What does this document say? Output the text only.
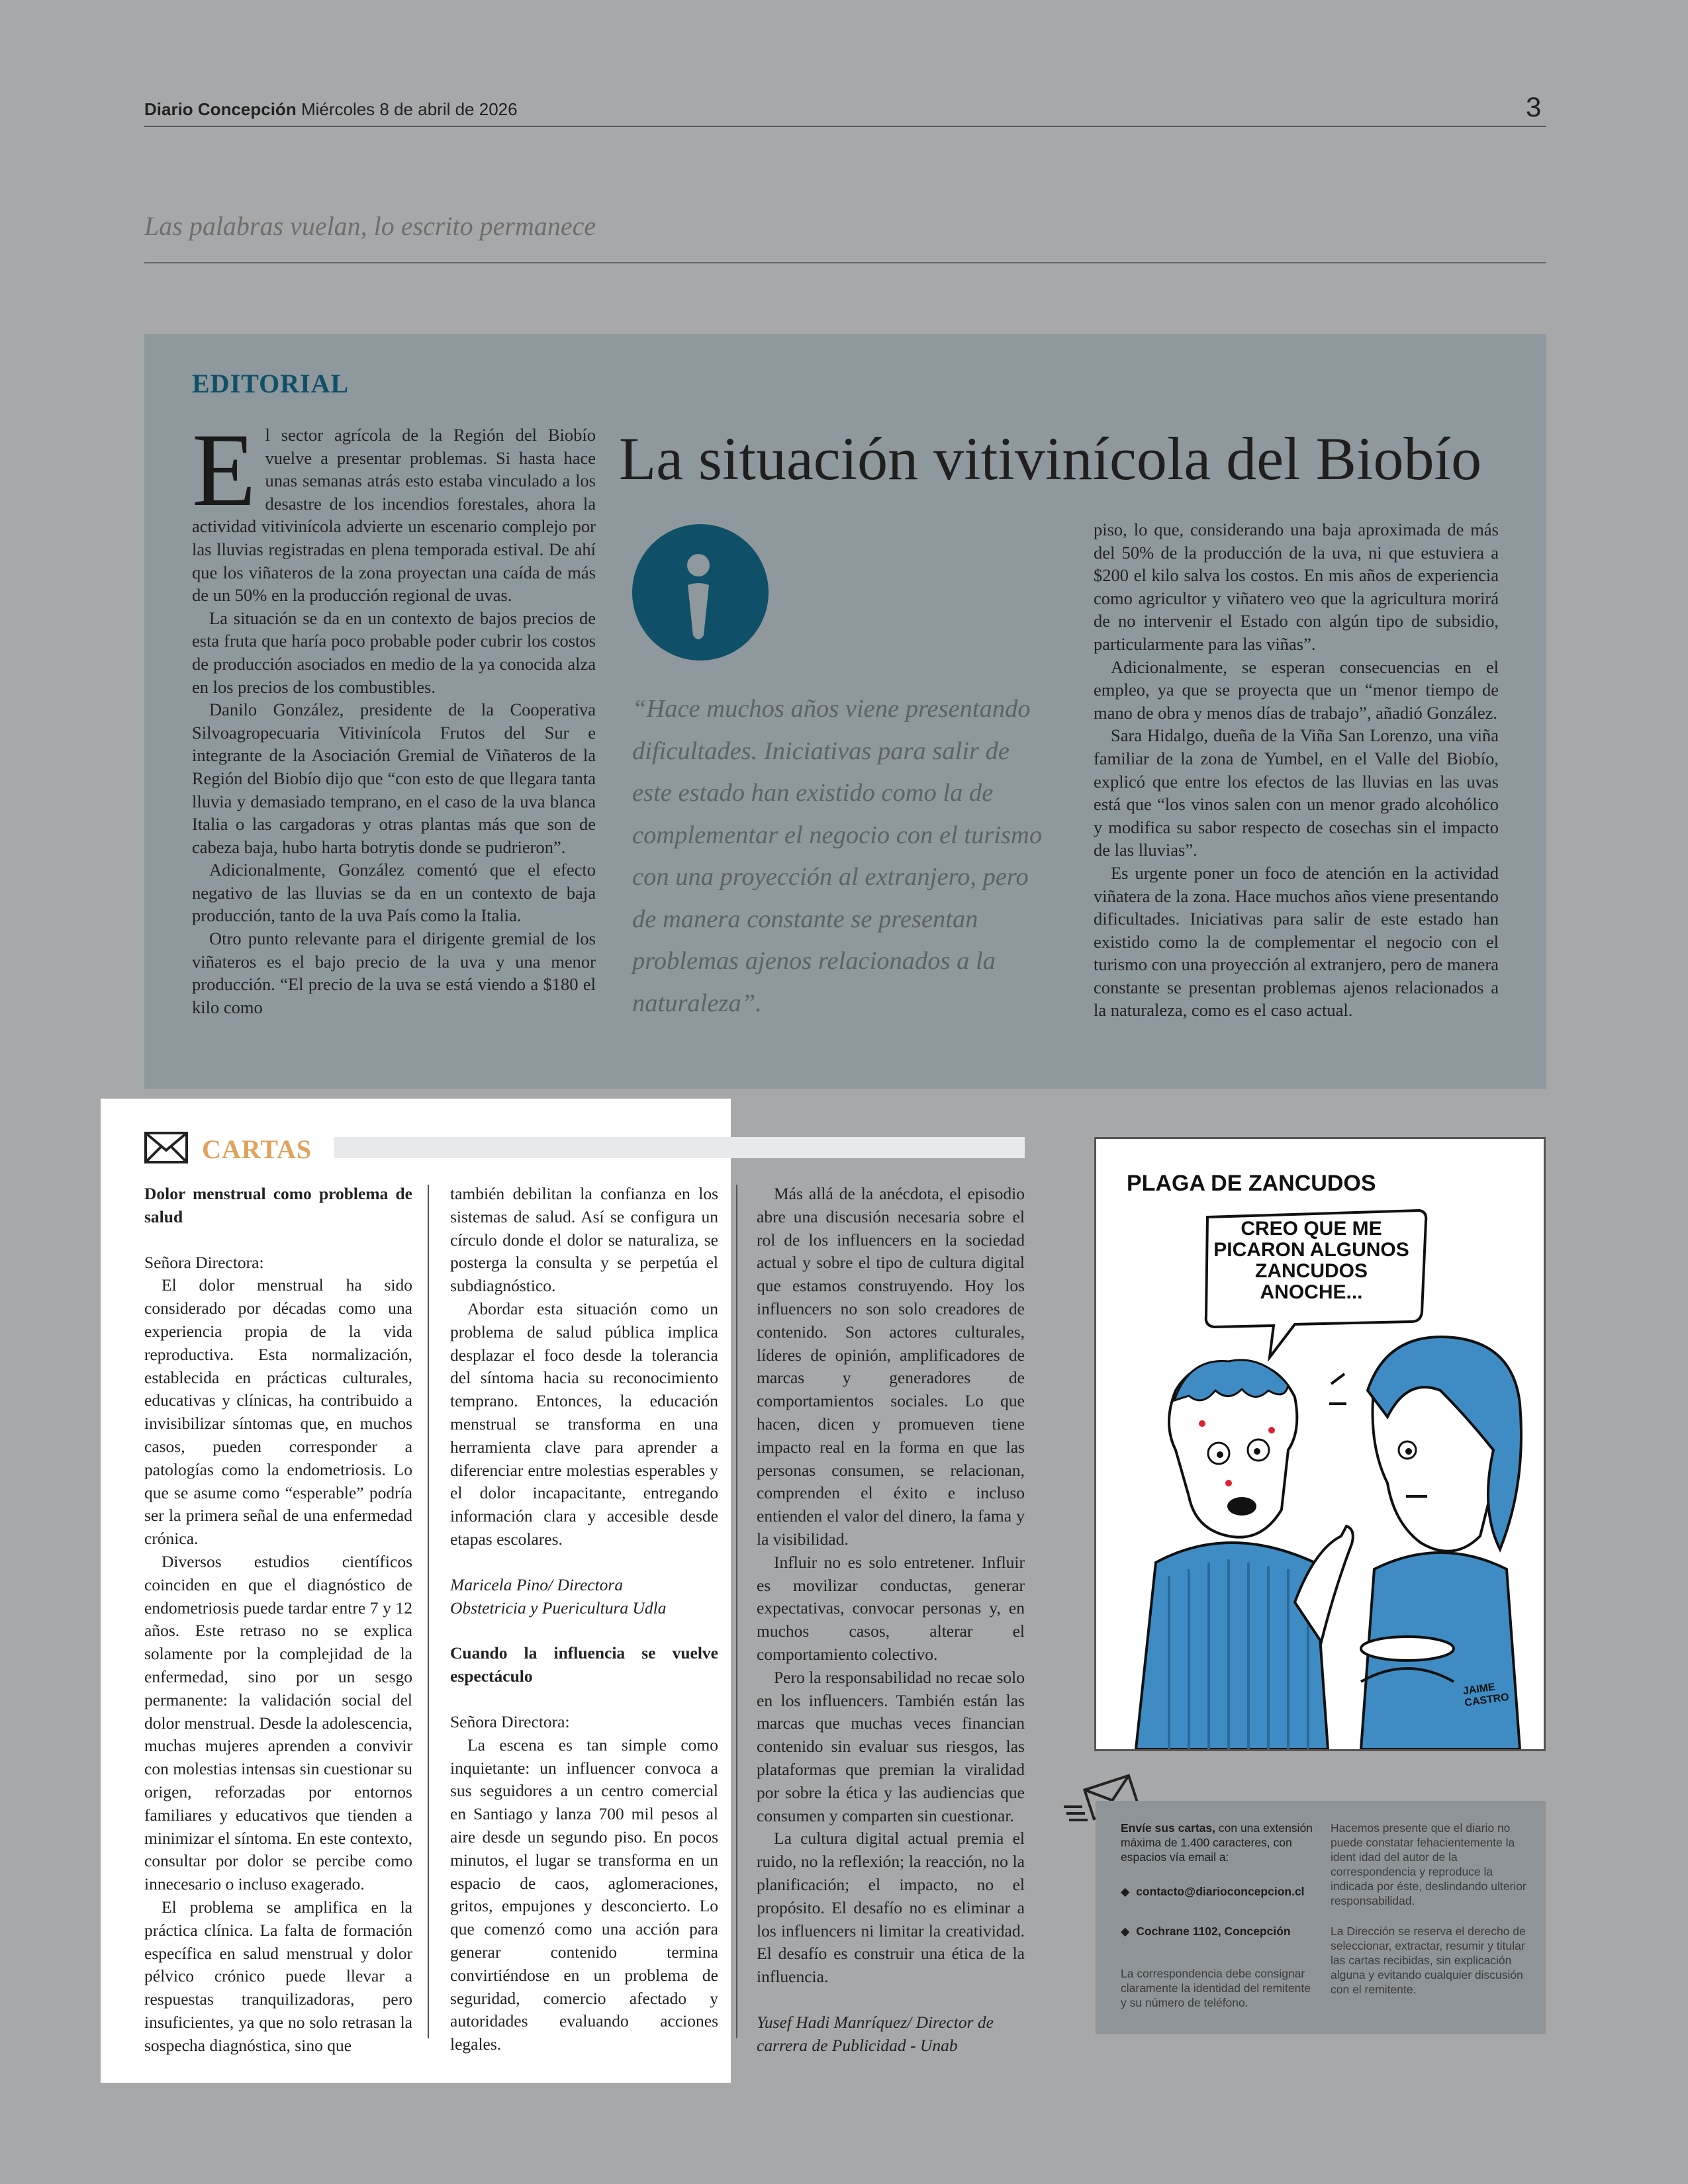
Diario Concepción Miércoles 8 de abril de 2026	3
Las palabras vuelan, lo escrito permanece
EDITORIAL
La situación vitivinícola del Biobío
E l sector agrícola de la Región del Biobío vuelve a presentar problemas. Si hasta hace unas semanas atrás esto estaba vinculado a los desastre de los incendios forestales, ahora la actividad vitivinícola advierte un escenario complejo por las lluvias registradas en plena temporada estival. De ahí que los viñateros de la zona proyectan una caída de más de un 50% en la producción regional de uvas.

La situación se da en un contexto de bajos precios de esta fruta que haría poco probable poder cubrir los costos de producción asociados en medio de la ya conocida alza en los precios de los combustibles.

Danilo González, presidente de la Cooperativa Silvoagropecuaria Vitivinícola Frutos del Sur e integrante de la Asociación Gremial de Viñateros de la Región del Biobío dijo que “con esto de que llegara tanta lluvia y demasiado temprano, en el caso de la uva blanca Italia o las cargadoras y otras plantas más que son de cabeza baja, hubo harta botrytis donde se pudrieron”.

Adicionalmente, González comentó que el efecto negativo de las lluvias se da en un contexto de baja producción, tanto de la uva País como la Italia.

Otro punto relevante para el dirigente gremial de los viñateros es el bajo precio de la uva y una menor producción. “El precio de la uva se está viendo a $180 el kilo como

“Hace muchos años viene presentando dificultades. Iniciativas para salir de este estado han existido como la de complementar el negocio con el turismo con una proyección al extranjero, pero de manera constante se presentan problemas ajenos relacionados a la naturaleza”.

piso, lo que, considerando una baja aproximada de más del 50% de la producción de la uva, ni que estuviera a $200 el kilo salva los costos. En mis años de experiencia como agricultor y viñatero veo que la agricultura morirá de no intervenir el Estado con algún tipo de subsidio, particularmente para las viñas”.

Adicionalmente, se esperan consecuencias en el empleo, ya que se proyecta que un “menor tiempo de mano de obra y menos días de trabajo”, añadió González.

Sara Hidalgo, dueña de la Viña San Lorenzo, una viña familiar de la zona de Yumbel, en el Valle del Biobío, explicó que entre los efectos de las lluvias en las uvas está que “los vinos salen con un menor grado alcohólico y modifica su sabor respecto de cosechas sin el impacto de las lluvias”.

Es urgente poner un foco de atención en la actividad viñatera de la zona. Hace muchos años viene presentando dificultades. Iniciativas para salir de este estado han existido como la de complementar el negocio con el turismo con una proyección al extranjero, pero de manera constante se presentan problemas ajenos relacionados a la naturaleza, como es el caso actual.

CARTAS

Dolor menstrual como problema de salud

Señora Directora:

El dolor menstrual ha sido considerado por décadas como una experiencia propia de la vida reproductiva. Esta normalización, establecida en prácticas culturales, educativas y clínicas, ha contribuido a invisibilizar síntomas que, en muchos casos, pueden corresponder a patologías como la endometriosis. Lo que se asume como “esperable” podría ser la primera señal de una enfermedad crónica.

Diversos estudios científicos coinciden en que el diagnóstico de endometriosis puede tardar entre 7 y 12 años. Este retraso no se explica solamente por la complejidad de la enfermedad, sino por un sesgo permanente: la validación social del dolor menstrual. Desde la adolescencia, muchas mujeres aprenden a convivir con molestias intensas sin cuestionar su origen, reforzadas por entornos familiares y educativos que tienden a minimizar el síntoma. En este contexto, consultar por dolor se percibe como innecesario o incluso exagerado.

El problema se amplifica en la práctica clínica. La falta de formación específica en salud menstrual y dolor pélvico crónico puede llevar a respuestas tranquilizadoras, pero insuficientes, ya que no solo retrasan la sospecha diagnóstica, sino que

también debilitan la confianza en los sistemas de salud. Así se configura un círculo donde el dolor se naturaliza, se posterga la consulta y se perpetúa el subdiagnóstico.

Abordar esta situación como un problema de salud pública implica desplazar el foco desde la tolerancia del síntoma hacia su reconocimiento temprano. Entonces, la educación menstrual se transforma en una herramienta clave para aprender a diferenciar entre molestias esperables y el dolor incapacitante, entregando información clara y accesible desde etapas escolares.

Maricela Pino/ Directora

Obstetricia y Puericultura Udla

Cuando la influencia se vuelve espectáculo

Señora Directora:

La escena es tan simple como inquietante: un influencer convoca a sus seguidores a un centro comercial en Santiago y lanza 700 mil pesos al aire desde un segundo piso. En pocos minutos, el lugar se transforma en un espacio de caos, aglomeraciones, gritos, empujones y desconcierto. Lo que comenzó como una acción para generar contenido termina convirtiéndose en un problema de seguridad, comercio afectado y autoridades evaluando acciones legales.

Más allá de la anécdota, el episodio abre una discusión necesaria sobre el rol de los influencers en la sociedad actual y sobre el tipo de cultura digital que estamos construyendo. Hoy los influencers no son solo creadores de contenido. Son actores culturales, líderes de opinión, amplificadores de marcas y generadores de comportamientos sociales. Lo que hacen, dicen y promueven tiene impacto real en la forma en que las personas consumen, se relacionan, comprenden el éxito e incluso entienden el valor del dinero, la fama y la visibilidad.

Influir no es solo entretener. Influir es movilizar conductas, generar expectativas, convocar personas y, en muchos casos, alterar el comportamiento colectivo.

Pero la responsabilidad no recae solo en los influencers. También están las marcas que muchas veces financian contenido sin evaluar sus riesgos, las plataformas que premian la viralidad por sobre la ética y las audiencias que consumen y comparten sin cuestionar.

La cultura digital actual premia el ruido, no la reflexión; la reacción, no la planificación; el impacto, no el propósito. El desafío no es eliminar a los influencers ni limitar la creatividad. El desafío es construir una ética de la influencia.

Yusef Hadi Manríquez/ Director de

carrera de Publicidad - Unab

PLAGA DE ZANCUDOS
CREO QUE ME PICARON ALGUNOS ZANCUDOS ANOCHE...
JAIME CASTRO
Envíe sus cartas, con una extensión máxima de 1.400 caracteres, con espacios vía email a:
◆ contacto@diarioconcepcion.cl
◆ Cochrane 1102, Concepción
La correspondencia debe consignar claramente la identidad del remitente y su número de teléfono.
Hacemos presente que el diario no puede constatar fehacientemente la ident idad del autor de la correspondencia y reproduce la indicada por éste, deslindando ulterior responsabilidad.
La Dirección se reserva el derecho de seleccionar, extractar, resumir y titular las cartas recibidas, sin explicación alguna y evitando cualquier discusión con el remitente.
